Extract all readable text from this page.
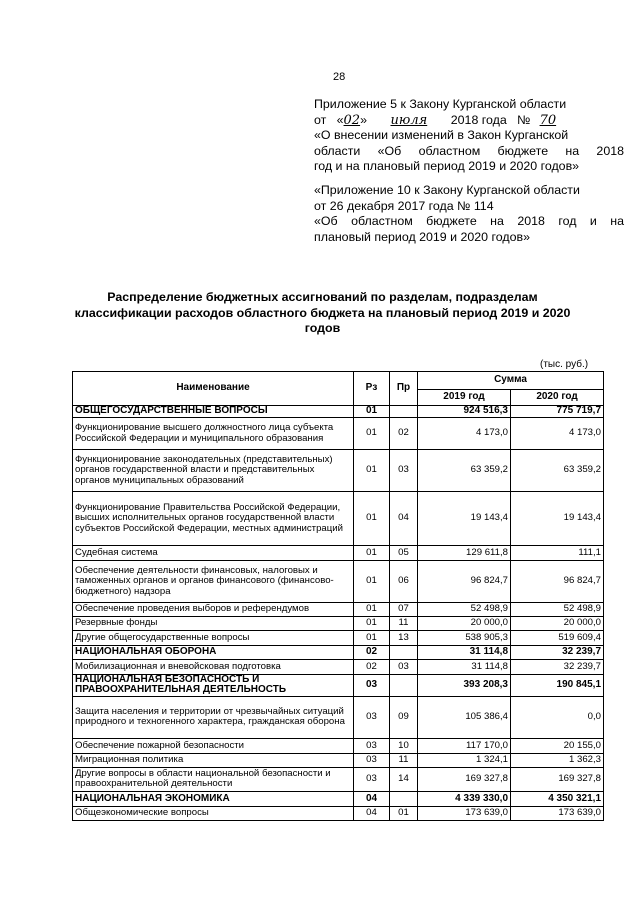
28
Приложение 5 к Закону Курганской области
от «02» июля 2018 года № 70
«О внесении изменений в Закон Курганской
области «Об областном бюджете на 2018
год и на плановый период 2019 и 2020 годов»
«Приложение 10 к Закону Курганской области
от 26 декабря 2017 года № 114
«Об областном бюджете на 2018 год и на
плановый период 2019 и 2020 годов»
Распределение бюджетных ассигнований по разделам, подразделам
классификации расходов областного бюджета на плановый период 2019 и 2020
годов
(тыс. руб.)
Наименование	Рз	Пр	Сумма	
			2019 год	2020 год
ОБЩЕГОСУДАРСТВЕННЫЕ ВОПРОСЫ	01		924 516,3	775 719,7
Функционирование высшего должностного лица субъекта Российской Федерации и муниципального образования	01	02	4 173,0	4 173,0
Функционирование законодательных (представительных) органов государственной власти и представительных органов муниципальных образований	01	03	63 359,2	63 359,2
Функционирование Правительства Российской Федерации, высших исполнительных органов государственной власти субъектов Российской Федерации, местных администраций	01	04	19 143,4	19 143,4
Судебная система	01	05	129 611,8	111,1
Обеспечение деятельности финансовых, налоговых и таможенных органов и органов финансового (финансово-бюджетного) надзора	01	06	96 824,7	96 824,7
Обеспечение проведения выборов и референдумов	01	07	52 498,9	52 498,9
Резервные фонды	01	11	20 000,0	20 000,0
Другие общегосударственные вопросы	01	13	538 905,3	519 609,4
НАЦИОНАЛЬНАЯ ОБОРОНА	02		31 114,8	32 239,7
Мобилизационная и вневойсковая подготовка	02	03	31 114,8	32 239,7
НАЦИОНАЛЬНАЯ БЕЗОПАСНОСТЬ И ПРАВООХРАНИТЕЛЬНАЯ ДЕЯТЕЛЬНОСТЬ	03		393 208,3	190 845,1
Защита населения и территории от чрезвычайных ситуаций природного и техногенного характера, гражданская оборона	03	09	105 386,4	0,0
Обеспечение пожарной безопасности	03	10	117 170,0	20 155,0
Миграционная политика	03	11	1 324,1	1 362,3
Другие вопросы в области национальной безопасности и правоохранительной деятельности	03	14	169 327,8	169 327,8
НАЦИОНАЛЬНАЯ ЭКОНОМИКА	04		4 339 330,0	4 350 321,1
Общеэкономические вопросы	04	01	173 639,0	173 639,0
